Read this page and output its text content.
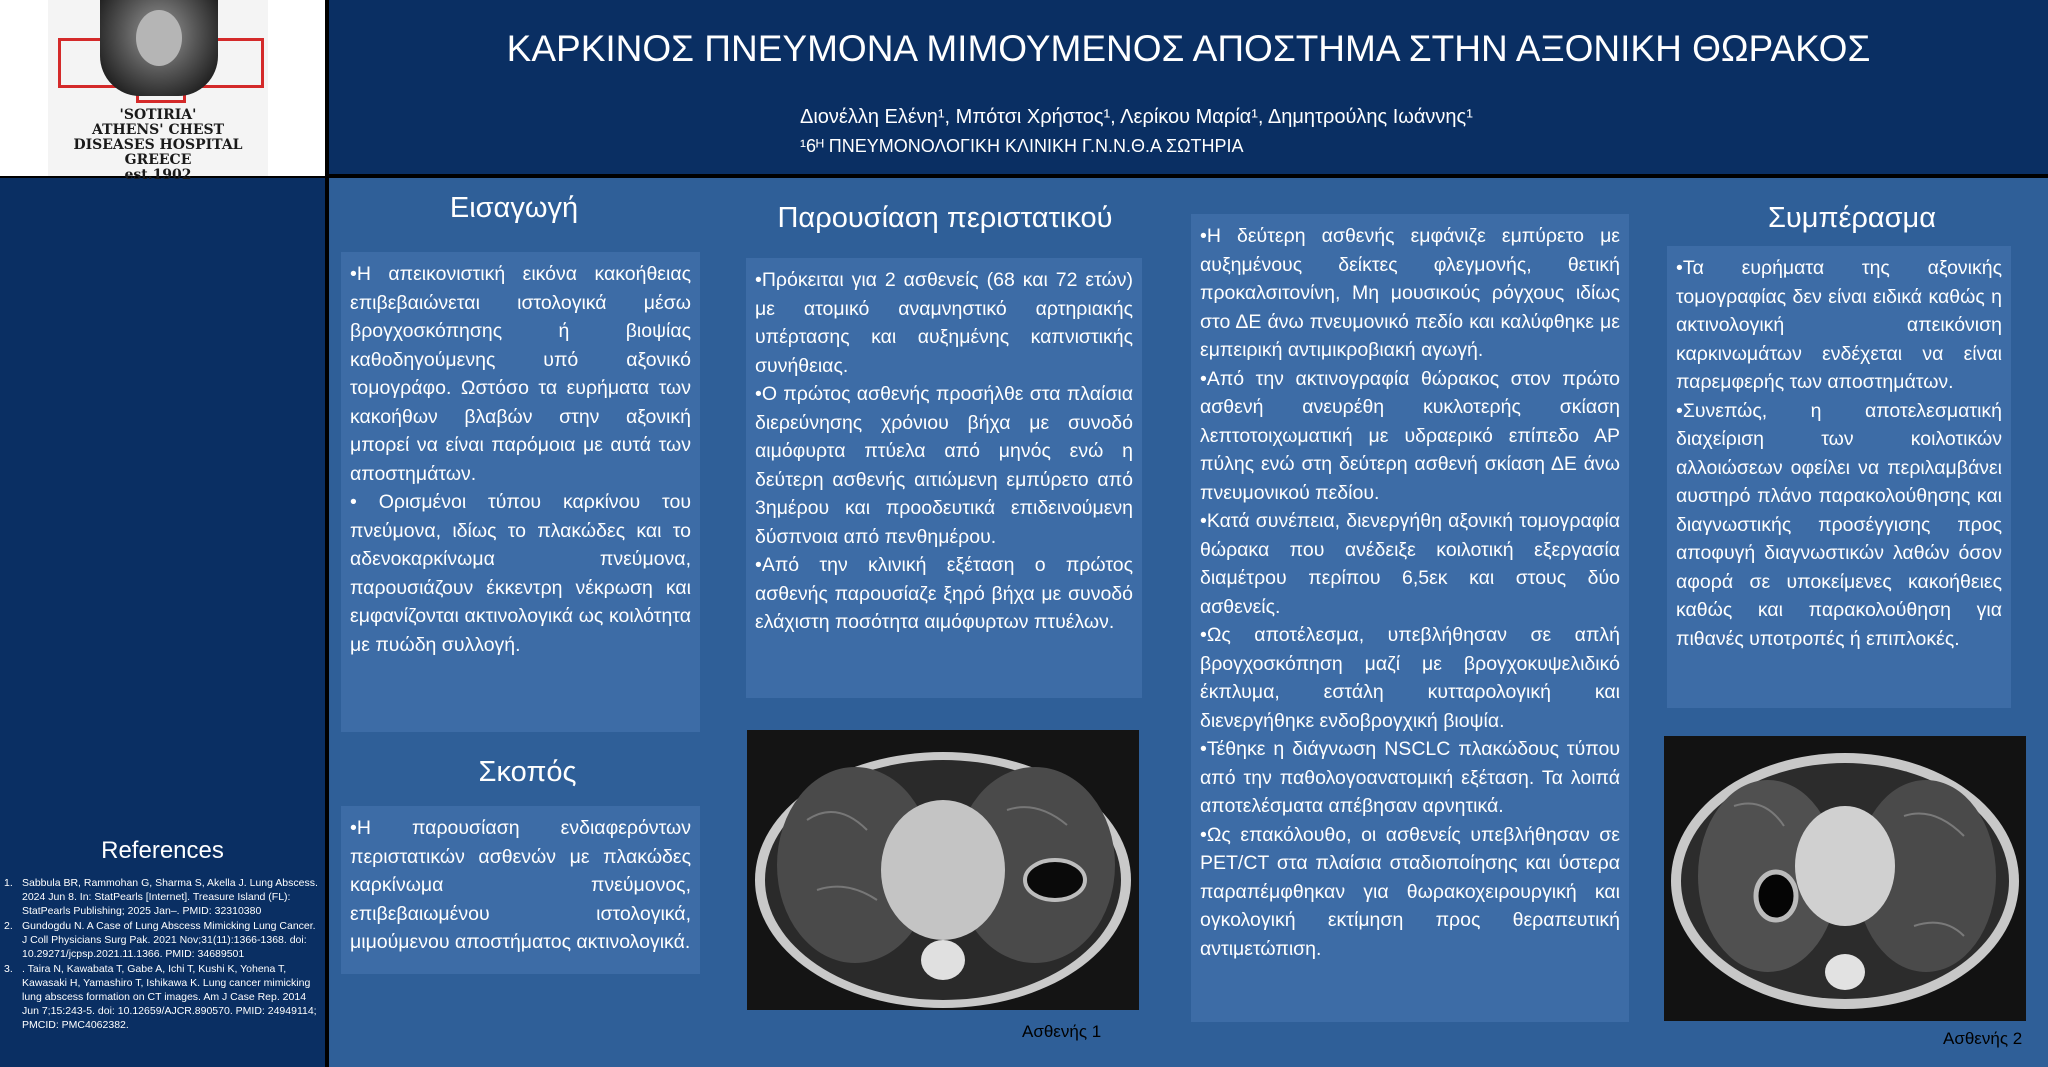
'SOTIRIA'
ATHENS' CHEST
DISEASES HOSPITAL
GREECE
est.1902
ΚΑΡΚΙΝΟΣ ΠΝΕΥΜΟΝΑ ΜΙΜΟΥΜΕΝΟΣ ΑΠΟΣΤΗΜΑ ΣΤΗΝ ΑΞΟΝΙΚΗ ΘΩΡΑΚΟΣ
Διονέλλη Ελένη¹, Μπότσι Χρήστος¹, Λερίκου Μαρία¹, Δημητρούλης Ιωάννης¹
¹6ᴴ ΠΝΕΥΜΟΝΟΛΟΓΙΚΗ ΚΛΙΝΙΚΗ Γ.Ν.Ν.Θ.Α ΣΩΤΗΡΙΑ
Εισαγωγή

•Η απεικονιστική εικόνα κακοήθειας επιβεβαιώνεται ιστολογικά μέσω βρογχοσκόπησης ή βιοψίας καθοδηγούμενης υπό αξονικό τομογράφο. Ωστόσο τα ευρήματα των κακοήθων βλαβών στην αξονική μπορεί να είναι παρόμοια με αυτά των αποστημάτων.

• Ορισμένοι τύπου καρκίνου του πνεύμονα, ιδίως το πλακώδες και το αδενοκαρκίνωμα πνεύμονα, παρουσιάζουν έκκεντρη νέκρωση και εμφανίζονται ακτινολογικά ως κοιλότητα με πυώδη συλλογή.

Σκοπός

•Η παρουσίαση ενδιαφερόντων περιστατικών ασθενών με πλακώδες καρκίνωμα πνεύμονος, επιβεβαιωμένου ιστολογικά, μιμούμενου αποστήματος ακτινολογικά.

Παρουσίαση περιστατικού

•Πρόκειται για 2 ασθενείς (68 και 72 ετών) με ατομικό αναμνηστικό αρτηριακής υπέρτασης και αυξημένης καπνιστικής συνήθειας.

•Ο πρώτος ασθενής προσήλθε στα πλαίσια διερεύνησης χρόνιου βήχα με συνοδό αιμόφυρτα πτύελα από μηνός ενώ η δεύτερη ασθενής αιτιώμενη εμπύρετο από 3ημέρου και προοδευτικά επιδεινούμενη δύσπνοια από πενθημέρου.

•Από την κλινική εξέταση ο πρώτος ασθενής παρουσίαζε ξηρό βήχα με συνοδό ελάχιστη ποσότητα αιμόφυρτων πτυέλων.

Ασθενής 1

•Η δεύτερη ασθενής εμφάνιζε εμπύρετο με αυξημένους δείκτες φλεγμονής, θετική προκαλσιτονίνη, Μη μουσικούς ρόγχους ιδίως στο ΔΕ άνω πνευμονικό πεδίο και καλύφθηκε με εμπειρική αντιμικροβιακή αγωγή.

•Από την ακτινογραφία θώρακος στον πρώτο ασθενή ανευρέθη κυκλοτερής σκίαση λεπτοτοιχωματική με υδραερικό επίπεδο ΑΡ πύλης ενώ στη δεύτερη ασθενή σκίαση ΔΕ άνω πνευμονικού πεδίου.

•Κατά συνέπεια, διενεργήθη αξονική τομογραφία θώρακα που ανέδειξε κοιλοτική εξεργασία διαμέτρου περίπου 6,5εκ και στους δύο ασθενείς.

•Ως αποτέλεσμα, υπεβλήθησαν σε απλή βρογχοσκόπηση μαζί με βρογχοκυψελιδικό έκπλυμα, εστάλη κυτταρολογική και διενεργήθηκε ενδοβρογχική βιοψία.

•Τέθηκε η διάγνωση NSCLC πλακώδους τύπου από την παθολογοανατομική εξέταση. Τα λοιπά αποτελέσματα απέβησαν αρνητικά.

•Ως επακόλουθο, οι ασθενείς υπεβλήθησαν σε PET/CT στα πλαίσια σταδιοποίησης και ύστερα παραπέμφθηκαν για θωρακοχειρουργική και ογκολογική εκτίμηση προς θεραπευτική αντιμετώπιση.

Συμπέρασμα

•Τα ευρήματα της αξονικής τομογραφίας δεν είναι ειδικά καθώς η ακτινολογική απεικόνιση καρκινωμάτων ενδέχεται να είναι παρεμφερής των αποστημάτων.

•Συνεπώς, η αποτελεσματική διαχείριση των κοιλοτικών αλλοιώσεων οφείλει να περιλαμβάνει αυστηρό πλάνο παρακολούθησης και διαγνωστικής προσέγγισης προς αποφυγή διαγνωστικών λαθών όσον αφορά σε υποκείμενες κακοήθειες καθώς και παρακολούθηση για πιθανές υποτροπές ή επιπλοκές.

Ασθενής 2
References
1. Sabbula BR, Rammohan G, Sharma S, Akella J. Lung Abscess. 2024 Jun 8. In: StatPearls [Internet]. Treasure Island (FL): StatPearls Publishing; 2025 Jan–. PMID: 32310380
2. Gundogdu N. A Case of Lung Abscess Mimicking Lung Cancer. J Coll Physicians Surg Pak. 2021 Nov;31(11):1366-1368. doi: 10.29271/jcpsp.2021.11.1366. PMID: 34689501
3. . Taira N, Kawabata T, Gabe A, Ichi T, Kushi K, Yohena T, Kawasaki H, Yamashiro T, Ishikawa K. Lung cancer mimicking lung abscess formation on CT images. Am J Case Rep. 2014 Jun 7;15:243-5. doi: 10.12659/AJCR.890570. PMID: 24949114; PMCID: PMC4062382.
